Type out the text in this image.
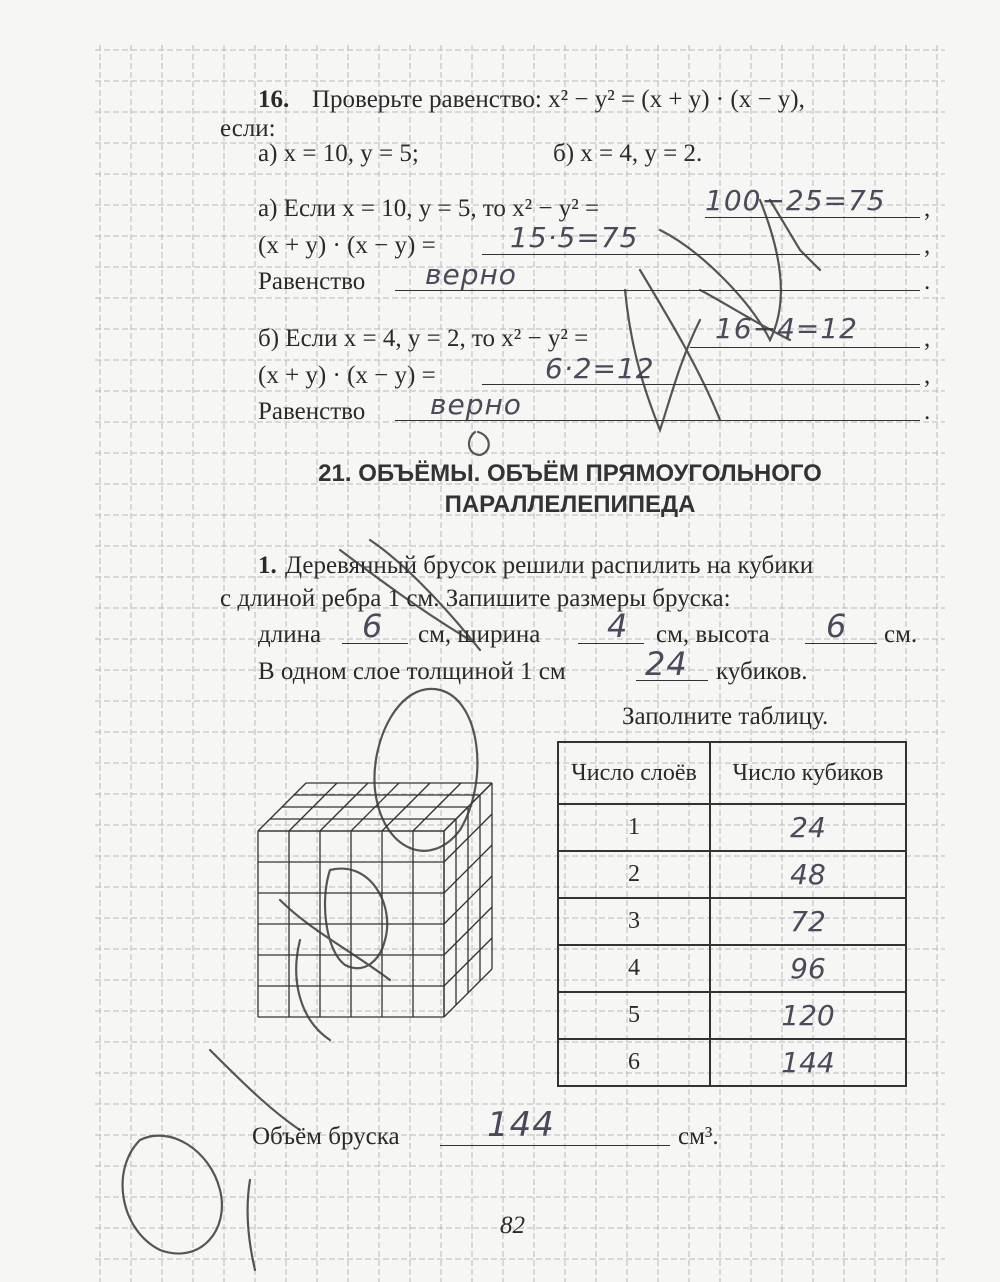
16. Проверьте равенство: x² − y² = (x + y) · (x − y),
если:
а) x = 10, y = 5;	б) x = 4, y = 2.
а) Если x = 10, y = 5, то x² − y² =	,
100−25=75
(x + y) · (x − y) =	,
15·5=75
Равенство	.
верно
б) Если x = 4, y = 2, то x² − y² =	,
16−4=12
(x + y) · (x − y) =	,
6·2=12
Равенство	.
верно
21. ОБЪЁМЫ. ОБЪЁМ ПРЯМОУГОЛЬНОГО
ПАРАЛЛЕЛЕПИПЕДА
1. Деревянный брусок решили распилить на кубики
с длиной ребра 1 см. Запишите размеры бруска:
длина 6 см, ширина 4 см, высота 6 см.
В одном слое толщиной 1 см 24 кубиков.
Заполните таблицу.
Число слоёв	Число кубиков
1	24
2	48
3	72
4	96
5	120
6	144
Объём бруска	144	см³.
82
